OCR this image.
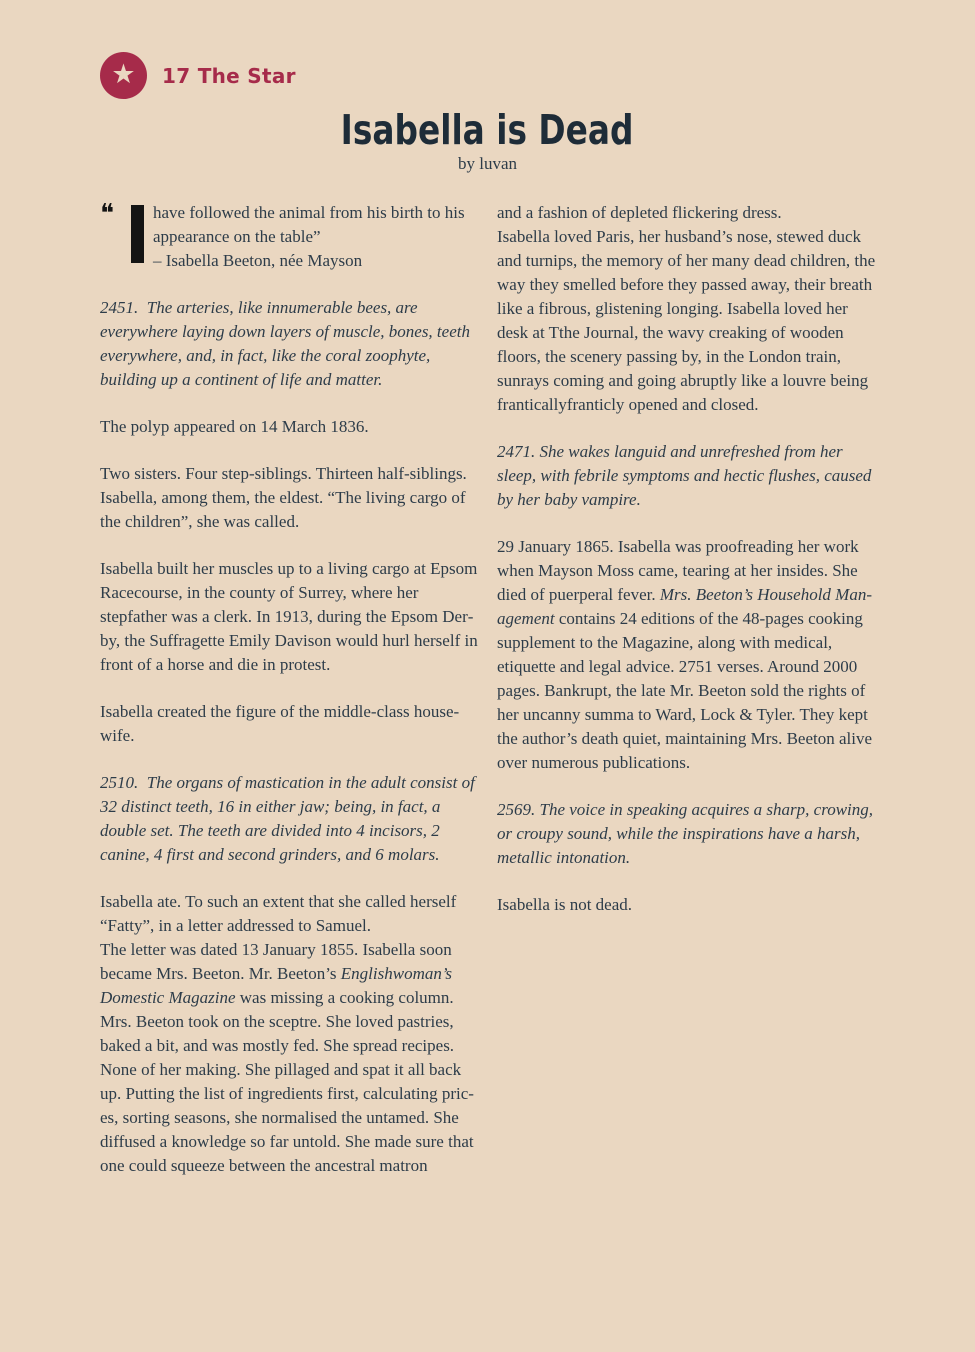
★ 17 The Star
Isabella is Dead
by luvan
❝	have followed the animal from his birth to his appearance on the table”
– Isabella Beeton, née Mayson

2451. The arteries, like innumerable bees, are everywhere laying down layers of muscle, bones, teeth everywhere, and, in fact, like the coral zoophyte, building up a continent of life and matter.

The polyp appeared on 14 March 1836.

Two sisters. Four step-siblings. Thirteen half-siblings. Isabella, among them, the eldest. “The living cargo of the children”, she was called.

Isabella built her muscles up to a living cargo at Epsom Racecourse, in the county of Surrey, where her stepfather was a clerk. In 1913, during the Epsom Derby, the Suffragette Emily Davison would hurl herself in front of a horse and die in protest.

Isabella created the figure of the middle-class housewife.

2510. The organs of mastication in the adult consist of 32 distinct teeth, 16 in either jaw; being, in fact, a double set. The teeth are divided into 4 incisors, 2 canine, 4 first and second grinders, and 6 molars.

Isabella ate. To such an extent that she called herself “Fatty”, in a letter addressed to Samuel.
The letter was dated 13 January 1855. Isabella soon became Mrs. Beeton. Mr. Beeton’s Englishwoman’s Domestic Magazine was missing a cooking column. Mrs. Beeton took on the sceptre. She loved pastries, baked a bit, and was mostly fed. She spread recipes. None of her making. She pillaged and spat it all back up. Putting the list of ingredients first, calculating prices, sorting seasons, she normalised the untamed. She diffused a knowledge so far untold. She made sure that one could squeeze between the ancestral matron

and a fashion of depleted flickering dress.
Isabella loved Paris, her husband’s nose, stewed duck and turnips, the memory of her many dead children, the way they smelled before they passed away, their breath like a fibrous, glistening longing. Isabella loved her desk at Tthe Journal, the wavy creaking of wooden floors, the scenery passing by, in the London train, sunrays coming and going abruptly like a louvre being franticallyfranticly opened and closed.

2471. She wakes languid and unrefreshed from her sleep, with febrile symptoms and hectic flushes, caused by her baby vampire.

29 January 1865. Isabella was proofreading her work when Mayson Moss came, tearing at her insides. She died of puerperal fever. Mrs. Beeton’s Household Management contains 24 editions of the 48-pages cooking supplement to the Magazine, along with medical, etiquette and legal advice. 2751 verses. Around 2000 pages. Bankrupt, the late Mr. Beeton sold the rights of her uncanny summa to Ward, Lock & Tyler. They kept the author’s death quiet, maintaining Mrs. Beeton alive over numerous publications.

2569. The voice in speaking acquires a sharp, crowing, or croupy sound, while the inspirations have a harsh, metallic intonation.

Isabella is not dead.
